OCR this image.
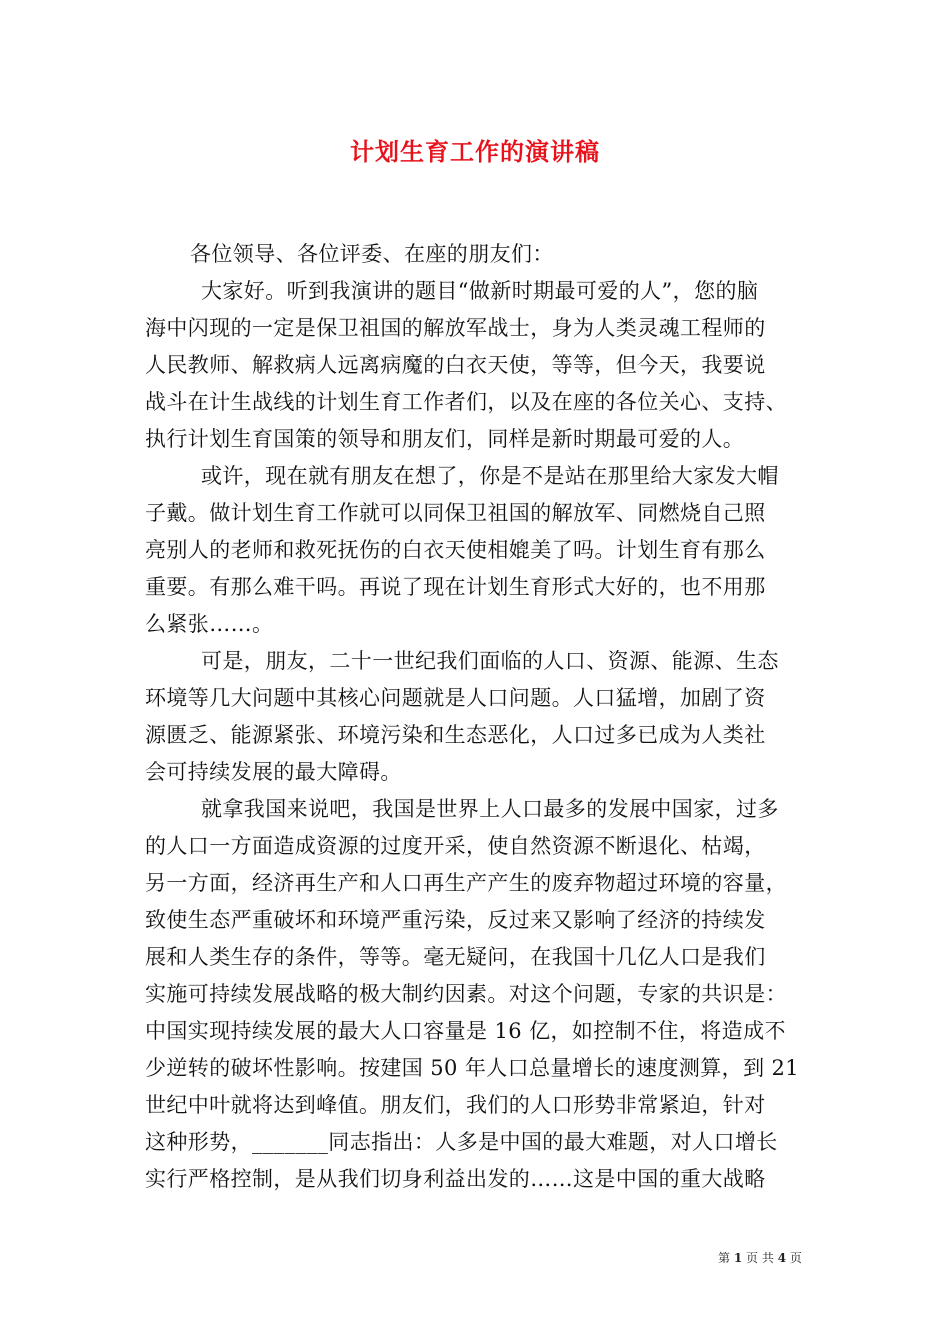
计划生育工作的演讲稿
各位领导、各位评委、在座的朋友们：
大家好。听到我演讲的题目“做新时期最可爱的人”，您的脑
海中闪现的一定是保卫祖国的解放军战士，身为人类灵魂工程师的
人民教师、解救病人远离病魔的白衣天使，等等，但今天，我要说
战斗在计生战线的计划生育工作者们，以及在座的各位关心、支持、
执行计划生育国策的领导和朋友们，同样是新时期最可爱的人。
或许，现在就有朋友在想了，你是不是站在那里给大家发大帽
子戴。做计划生育工作就可以同保卫祖国的解放军、同燃烧自己照
亮别人的老师和救死抚伤的白衣天使相媲美了吗。计划生育有那么
重要。有那么难干吗。再说了现在计划生育形式大好的，也不用那
么紧张……。
可是，朋友，二十一世纪我们面临的人口、资源、能源、生态
环境等几大问题中其核心问题就是人口问题。人口猛增，加剧了资
源匮乏、能源紧张、环境污染和生态恶化，人口过多已成为人类社
会可持续发展的最大障碍。
就拿我国来说吧，我国是世界上人口最多的发展中国家，过多
的人口一方面造成资源的过度开采，使自然资源不断退化、枯竭，
另一方面，经济再生产和人口再生产产生的废弃物超过环境的容量，
致使生态严重破坏和环境严重污染，反过来又影响了经济的持续发
展和人类生存的条件，等等。毫无疑问，在我国十几亿人口是我们
实施可持续发展战略的极大制约因素。对这个问题，专家的共识是：
中国实现持续发展的最大人口容量是 16 亿，如控制不住，将造成不
少逆转的破坏性影响。按建国 50 年人口总量增长的速度测算，到 21
世纪中叶就将达到峰值。朋友们，我们的人口形势非常紧迫，针对
这种形势，_______同志指出：人多是中国的最大难题，对人口增长
实行严格控制，是从我们切身利益出发的……这是中国的重大战略
第 1 页 共 4 页
